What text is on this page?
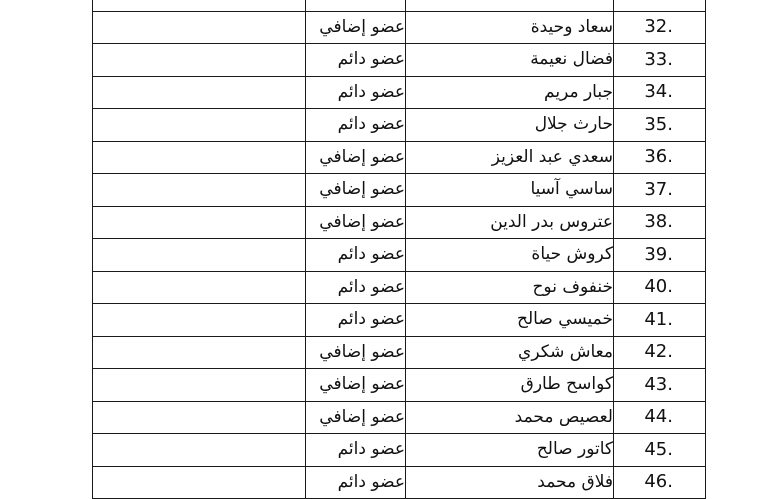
32.	سعاد وحيدة	عضو إضافي	
33.	فضال نعيمة	عضو دائم	
34.	جبار مريم	عضو دائم	
35.	حارث جلال	عضو دائم	
36.	سعدي عبد العزيز	عضو إضافي	
37.	ساسي آسيا	عضو إضافي	
38.	عتروس بدر الدين	عضو إضافي	
39.	كروش حياة	عضو دائم	
40.	خنفوف نوح	عضو دائم	
41.	خميسي صالح	عضو دائم	
42.	معاش شكري	عضو إضافي	
43.	كواسح طارق	عضو إضافي	
44.	لعصيص محمد	عضو إضافي	
45.	كاتور صالح	عضو دائم	
46.	فلاق محمد	عضو دائم	
